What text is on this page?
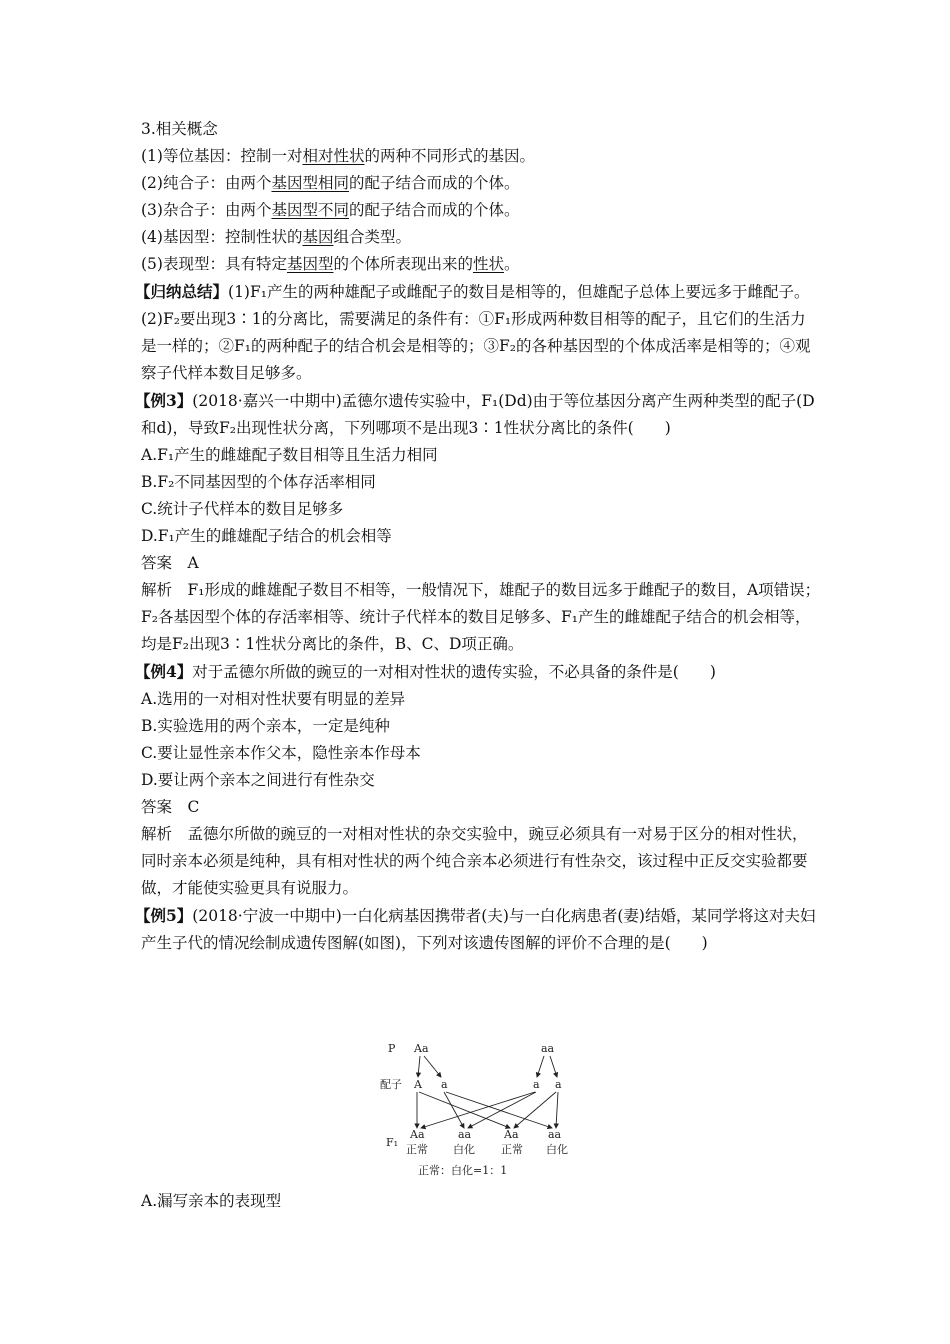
3.相关概念
(1)等位基因：控制一对相对性状的两种不同形式的基因。
(2)纯合子：由两个基因型相同的配子结合而成的个体。
(3)杂合子：由两个基因型不同的配子结合而成的个体。
(4)基因型：控制性状的基因组合类型。
(5)表现型：具有特定基因型的个体所表现出来的性状。
【归纳总结】(1)F₁产生的两种雄配子或雌配子的数目是相等的，但雄配子总体上要远多于雌配子。
(2)F₂要出现3∶1的分离比，需要满足的条件有：①F₁形成两种数目相等的配子，且它们的生活力是一样的；②F₁的两种配子的结合机会是相等的；③F₂的各种基因型的个体成活率是相等的；④观察子代样本数目足够多。
【例3】(2018·嘉兴一中期中)孟德尔遗传实验中，F₁(Dd)由于等位基因分离产生两种类型的配子(D和d)，导致F₂出现性状分离，下列哪项不是出现3∶1性状分离比的条件(　　)
A.F₁产生的雌雄配子数目相等且生活力相同
B.F₂不同基因型的个体存活率相同
C.统计子代样本的数目足够多
D.F₁产生的雌雄配子结合的机会相等
答案　A
解析　F₁形成的雌雄配子数目不相等，一般情况下，雄配子的数目远多于雌配子的数目，A项错误；F₂各基因型个体的存活率相等、统计子代样本的数目足够多、F₁产生的雌雄配子结合的机会相等，均是F₂出现3∶1性状分离比的条件，B、C、D项正确。
【例4】对于孟德尔所做的豌豆的一对相对性状的遗传实验，不必具备的条件是(　　)
A.选用的一对相对性状要有明显的差异
B.实验选用的两个亲本，一定是纯种
C.要让显性亲本作父本，隐性亲本作母本
D.要让两个亲本之间进行有性杂交
答案　C
解析　孟德尔所做的豌豆的一对相对性状的杂交实验中，豌豆必须具有一对易于区分的相对性状，同时亲本必须是纯种，具有相对性状的两个纯合亲本必须进行有性杂交，该过程中正反交实验都要做，才能使实验更具有说服力。
【例5】(2018·宁波一中期中)一白化病基因携带者(夫)与一白化病患者(妻)结婚，某同学将这对夫妇产生子代的情况绘制成遗传图解(如图)，下列对该遗传图解的评价不合理的是(　　)
P Aa	aa
配子 A a	a a
F₁
Aa	aa	Aa	aa
正常 白化 正常 白化
正常：白化=1：1
A.漏写亲本的表现型
